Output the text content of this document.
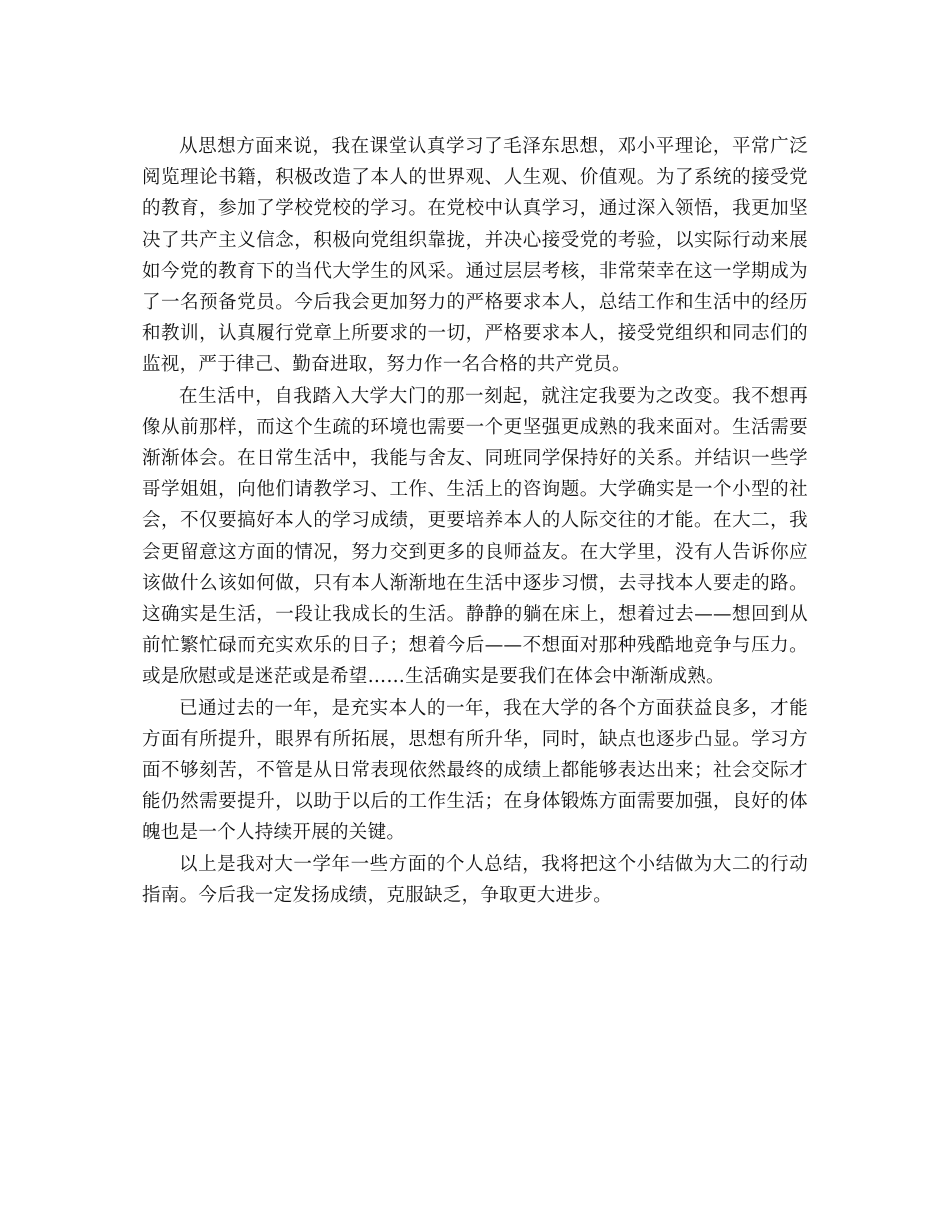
从思想方面来说，我在课堂认真学习了毛泽东思想，邓小平理论，平常广泛阅览理论书籍，积极改造了本人的世界观、人生观、价值观。为了系统的接受党的教育，参加了学校党校的学习。在党校中认真学习，通过深入领悟，我更加坚决了共产主义信念，积极向党组织靠拢，并决心接受党的考验，以实际行动来展如今党的教育下的当代大学生的风采。通过层层考核，非常荣幸在这一学期成为了一名预备党员。今后我会更加努力的严格要求本人，总结工作和生活中的经历和教训，认真履行党章上所要求的一切，严格要求本人，接受党组织和同志们的监视，严于律己、勤奋进取，努力作一名合格的共产党员。

在生活中，自我踏入大学大门的那一刻起，就注定我要为之改变。我不想再像从前那样，而这个生疏的环境也需要一个更坚强更成熟的我来面对。生活需要渐渐体会。在日常生活中，我能与舍友、同班同学保持好的关系。并结识一些学哥学姐姐，向他们请教学习、工作、生活上的咨询题。大学确实是一个小型的社会，不仅要搞好本人的学习成绩，更要培养本人的人际交往的才能。在大二，我会更留意这方面的情况，努力交到更多的良师益友。在大学里，没有人告诉你应该做什么该如何做，只有本人渐渐地在生活中逐步习惯，去寻找本人要走的路。这确实是生活，一段让我成长的生活。静静的躺在床上，想着过去——想回到从前忙繁忙碌而充实欢乐的日子；想着今后——不想面对那种残酷地竞争与压力。或是欣慰或是迷茫或是希望……生活确实是要我们在体会中渐渐成熟。

已通过去的一年，是充实本人的一年，我在大学的各个方面获益良多，才能方面有所提升，眼界有所拓展，思想有所升华，同时，缺点也逐步凸显。学习方面不够刻苦，不管是从日常表现依然最终的成绩上都能够表达出来；社会交际才能仍然需要提升，以助于以后的工作生活；在身体锻炼方面需要加强，良好的体魄也是一个人持续开展的关键。

以上是我对大一学年一些方面的个人总结，我将把这个小结做为大二的行动指南。今后我一定发扬成绩，克服缺乏，争取更大进步。
